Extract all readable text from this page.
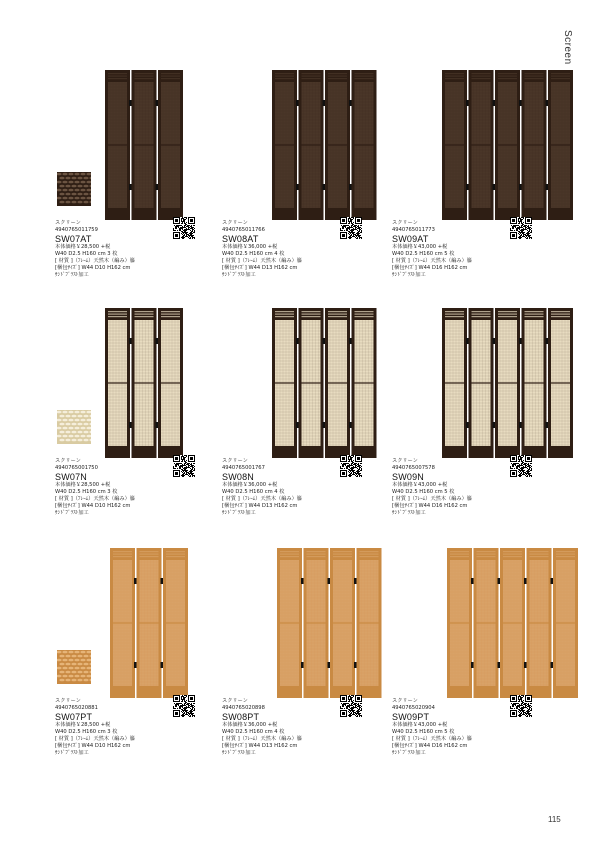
Screen
115
スクリーン
4940765011759
SW07AT
本体価格￥28,500 +税
W40 D2.5 H160 cm 3 枚
[ 材質 ]（ﾌﾚｰﾑ）天然木（編み）籐
[梱包ｻｲｽﾞ] W44 D10 H162 cm
ｻﾝﾄﾞﾌﾞﾗｽﾄ加工
スクリーン
4940765011766
SW08AT
本体価格￥36,000 +税
W40 D2.5 H160 cm 4 枚
[ 材質 ]（ﾌﾚｰﾑ）天然木（編み）籐
[梱包ｻｲｽﾞ] W44 D13 H162 cm
ｻﾝﾄﾞﾌﾞﾗｽﾄ加工
スクリーン
4940765011773
SW09AT
本体価格￥43,000 +税
W40 D2.5 H160 cm 5 枚
[ 材質 ]（ﾌﾚｰﾑ）天然木（編み）籐
[梱包ｻｲｽﾞ] W44 D16 H162 cm
ｻﾝﾄﾞﾌﾞﾗｽﾄ加工
スクリーン
4940765001750
SW07N
本体価格￥28,500 +税
W40 D2.5 H160 cm 3 枚
[ 材質 ]（ﾌﾚｰﾑ）天然木（編み）籐
[梱包ｻｲｽﾞ] W44 D10 H162 cm
ｻﾝﾄﾞﾌﾞﾗｽﾄ加工
スクリーン
4940765001767
SW08N
本体価格￥36,000 +税
W40 D2.5 H160 cm 4 枚
[ 材質 ]（ﾌﾚｰﾑ）天然木（編み）籐
[梱包ｻｲｽﾞ] W44 D13 H162 cm
ｻﾝﾄﾞﾌﾞﾗｽﾄ加工
スクリーン
4940765007578
SW09N
本体価格￥43,000 +税
W40 D2.5 H160 cm 5 枚
[ 材質 ]（ﾌﾚｰﾑ）天然木（編み）籐
[梱包ｻｲｽﾞ] W44 D16 H162 cm
ｻﾝﾄﾞﾌﾞﾗｽﾄ加工
スクリーン
4940765020881
SW07PT
本体価格￥28,500 +税
W40 D2.5 H160 cm 3 枚
[ 材質 ]（ﾌﾚｰﾑ）天然木（編み）籐
[梱包ｻｲｽﾞ] W44 D10 H162 cm
ｻﾝﾄﾞﾌﾞﾗｽﾄ加工
スクリーン
4940765020898
SW08PT
本体価格￥36,000 +税
W40 D2.5 H160 cm 4 枚
[ 材質 ]（ﾌﾚｰﾑ）天然木（編み）籐
[梱包ｻｲｽﾞ] W44 D13 H162 cm
ｻﾝﾄﾞﾌﾞﾗｽﾄ加工
スクリーン
4940765020904
SW09PT
本体価格￥43,000 +税
W40 D2.5 H160 cm 5 枚
[ 材質 ]（ﾌﾚｰﾑ）天然木（編み）籐
[梱包ｻｲｽﾞ] W44 D16 H162 cm
ｻﾝﾄﾞﾌﾞﾗｽﾄ加工
